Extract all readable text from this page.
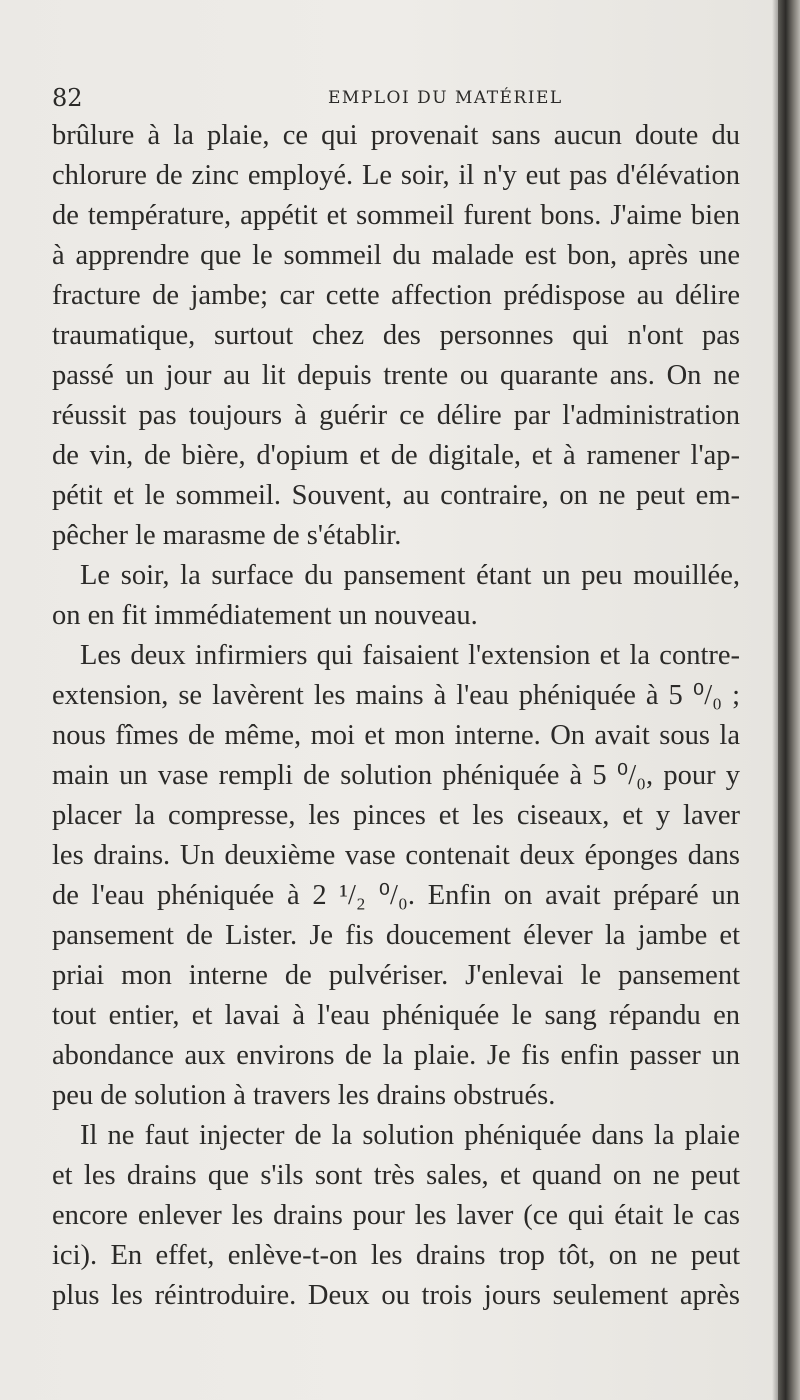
82	EMPLOI DU MATÉRIEL
brûlure à la plaie, ce qui provenait sans aucun doute du
chlorure de zinc employé. Le soir, il n'y eut pas d'élévation
de température, appétit et sommeil furent bons. J'aime bien
à apprendre que le sommeil du malade est bon, après une
fracture de jambe; car cette affection prédispose au délire
traumatique, surtout chez des personnes qui n'ont pas
passé un jour au lit depuis trente ou quarante ans. On ne
réussit pas toujours à guérir ce délire par l'administration
de vin, de bière, d'opium et de digitale, et à ramener l'ap-
pétit et le sommeil. Souvent, au contraire, on ne peut em-
pêcher le marasme de s'établir.
Le soir, la surface du pansement étant un peu mouillée,
on en fit immédiatement un nouveau.
Les deux infirmiers qui faisaient l'extension et la contre-
extension, se lavèrent les mains à l'eau phéniquée à 5 ⁰/₀ ;
nous fîmes de même, moi et mon interne. On avait sous la
main un vase rempli de solution phéniquée à 5 ⁰/₀, pour y
placer la compresse, les pinces et les ciseaux, et y laver
les drains. Un deuxième vase contenait deux éponges dans
de l'eau phéniquée à 2 ¹/₂ ⁰/₀. Enfin on avait préparé un
pansement de Lister. Je fis doucement élever la jambe et
priai mon interne de pulvériser. J'enlevai le pansement
tout entier, et lavai à l'eau phéniquée le sang répandu en
abondance aux environs de la plaie. Je fis enfin passer un
peu de solution à travers les drains obstrués.
Il ne faut injecter de la solution phéniquée dans la plaie
et les drains que s'ils sont très sales, et quand on ne peut
encore enlever les drains pour les laver (ce qui était le cas
ici). En effet, enlève-t-on les drains trop tôt, on ne peut
plus les réintroduire. Deux ou trois jours seulement après
